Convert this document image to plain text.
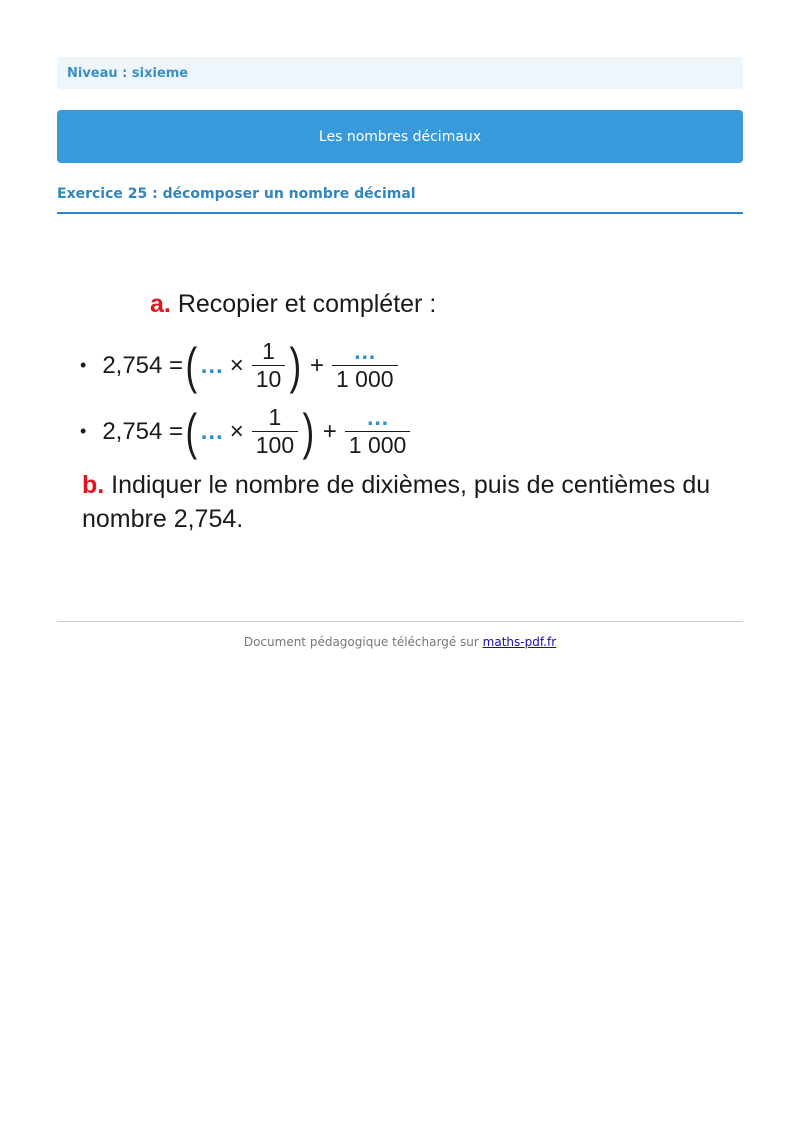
Niveau : sixieme
Les nombres décimaux
Exercice 25 : décomposer un nombre décimal
a. Recopier et compléter :
• 2,754 = ( … × $\frac{1}{10}$ ) + $\frac{\dots}{1 000}$
• 2,754 = ( … × $\frac{1}{100}$ ) + $\frac{\dots}{1 000}$
b. Indiquer le nombre de dixièmes, puis de centièmes du nombre 2,754.
Document pédagogique téléchargé sur maths-pdf.fr
